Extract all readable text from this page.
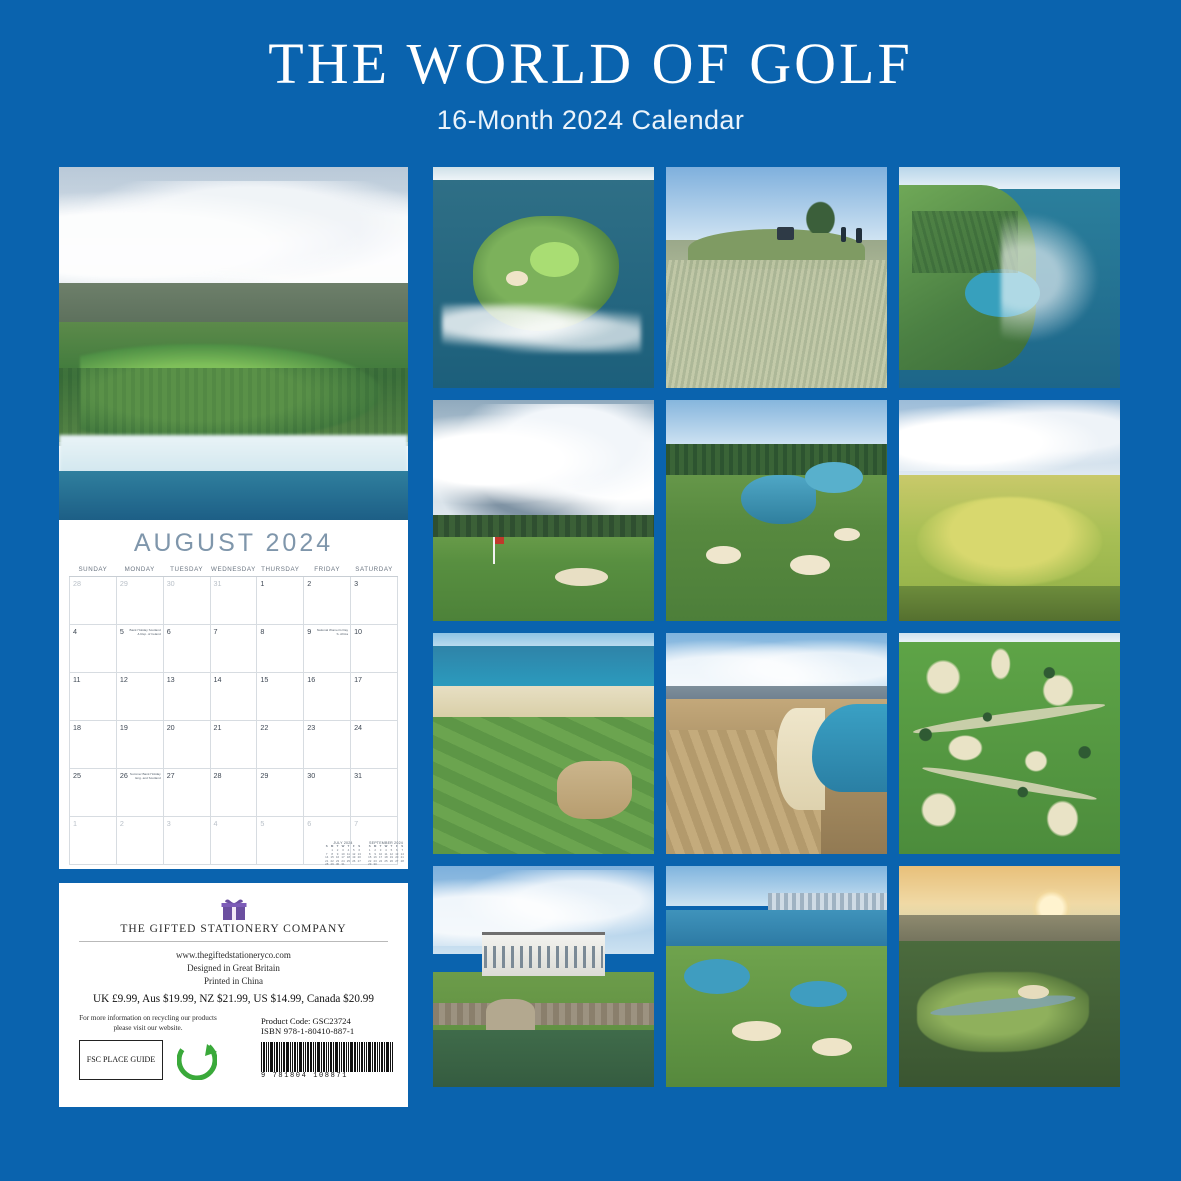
THE WORLD OF GOLF
16-Month 2024 Calendar
AUGUST 2024
SUNDAY	MONDAY	TUESDAY	WEDNESDAY	THURSDAY	FRIDAY	SATURDAY

28	29	30	31	1	2	3

4	5	Bank Holiday Scotland & Rep. of Ireland	6	7	8	9	National Women's Day S. Africa	10

11	12	13	14	15	16	17

18	19	20	21	22	23	24

25	26 Summer Bank Holiday Eng. and Scotland	27	28	29	30	31

1	2	3	4	5	6	7
JULY 2024
S	M	T	W	T	F	S
	1	2	3	4	5	6
7	8	9	10	11	12	13
14	15	16	17	18	19	20
21	22	23	24	25	26	27
28	29	30	31			
SEPTEMBER 2024
S	M	T	W	T	F	S
1	2	3	4	5	6	7
8	9	10	11	12	13	14
15	16	17	18	19	20	21
22	23	24	25	26	27	28
29	30					
THE GIFTED STATIONERY COMPANY
www.thegiftedstationeryco.com
Designed in Great Britain
Printed in China
UK £9.99, Aus $19.99, NZ $21.99, US $14.99, Canada $20.99
For more information on recycling our products please visit our website.
FSC PLACE GUIDE
Product Code: GSC23724
ISBN 978-1-80410-887-1
9 781804 108871
